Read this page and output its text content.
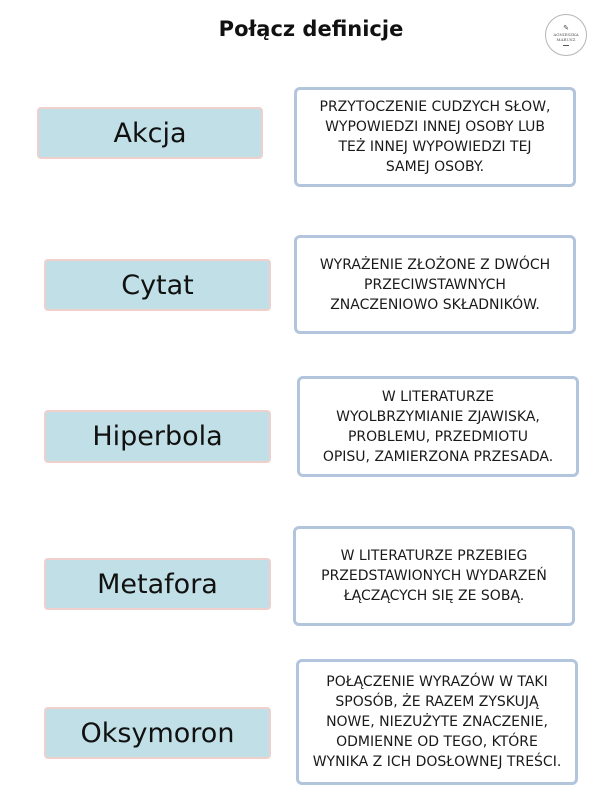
Połącz definicje	✎
AGNIESZKA
MARUSZ
Akcja
Cytat
Hiperbola
Metafora
Oksymoron
PRZYTOCZENIE CUDZYCH SŁOW,
WYPOWIEDZI INNEJ OSOBY LUB
TEŻ INNEJ WYPOWIEDZI TEJ
SAMEJ OSOBY.
WYRAŻENIE ZŁOŻONE Z DWÓCH
PRZECIWSTAWNYCH
ZNACZENIOWO SKŁADNIKÓW.
W LITERATURZE
WYOLBRZYMIANIE ZJAWISKA,
PROBLEMU, PRZEDMIOTU
OPISU, ZAMIERZONA PRZESADA.
W LITERATURZE PRZEBIEG
PRZEDSTAWIONYCH WYDARZEŃ
ŁĄCZĄCYCH SIĘ ZE SOBĄ.
POŁĄCZENIE WYRAZÓW W TAKI
SPOSÓB, ŻE RAZEM ZYSKUJĄ
NOWE, NIEZUŻYTE ZNACZENIE,
ODMIENNE OD TEGO, KTÓRE
WYNIKA Z ICH DOSŁOWNEJ TREŚCI.
